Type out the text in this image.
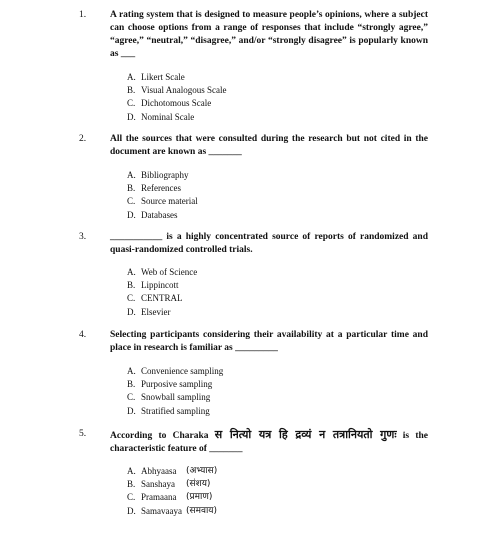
1.	A rating system that is designed to measure people’s opinions, where a subject can choose options from a range of responses that include “strongly agree,” “agree,” “neutral,” “disagree,” and/or “strongly disagree” is popularly known as ___
A. Likert Scale
B. Visual Analogous Scale
C. Dichotomous Scale
D. Nominal Scale
2.	All the sources that were consulted during the research but not cited in the document are known as _______
A. Bibliography
B. References
C. Source material
D. Databases
3.	___________ is a highly concentrated source of reports of randomized and quasi-randomized controlled trials.
A. Web of Science
B. Lippincott
C. CENTRAL
D. Elsevier
4.	Selecting participants considering their availability at a particular time and place in research is familiar as _________
A. Convenience sampling
B. Purposive sampling
C. Snowball sampling
D. Stratified sampling
5.	According to Charaka स नित्यो यत्र हि द्रव्यं न तत्रानियतो गुणः is the characteristic feature of _______
A. Abhyaasa (अभ्यास)
B. Sanshaya (संशय)
C. Pramaana (प्रमाण)
D. Samavaaya (समवाय)
